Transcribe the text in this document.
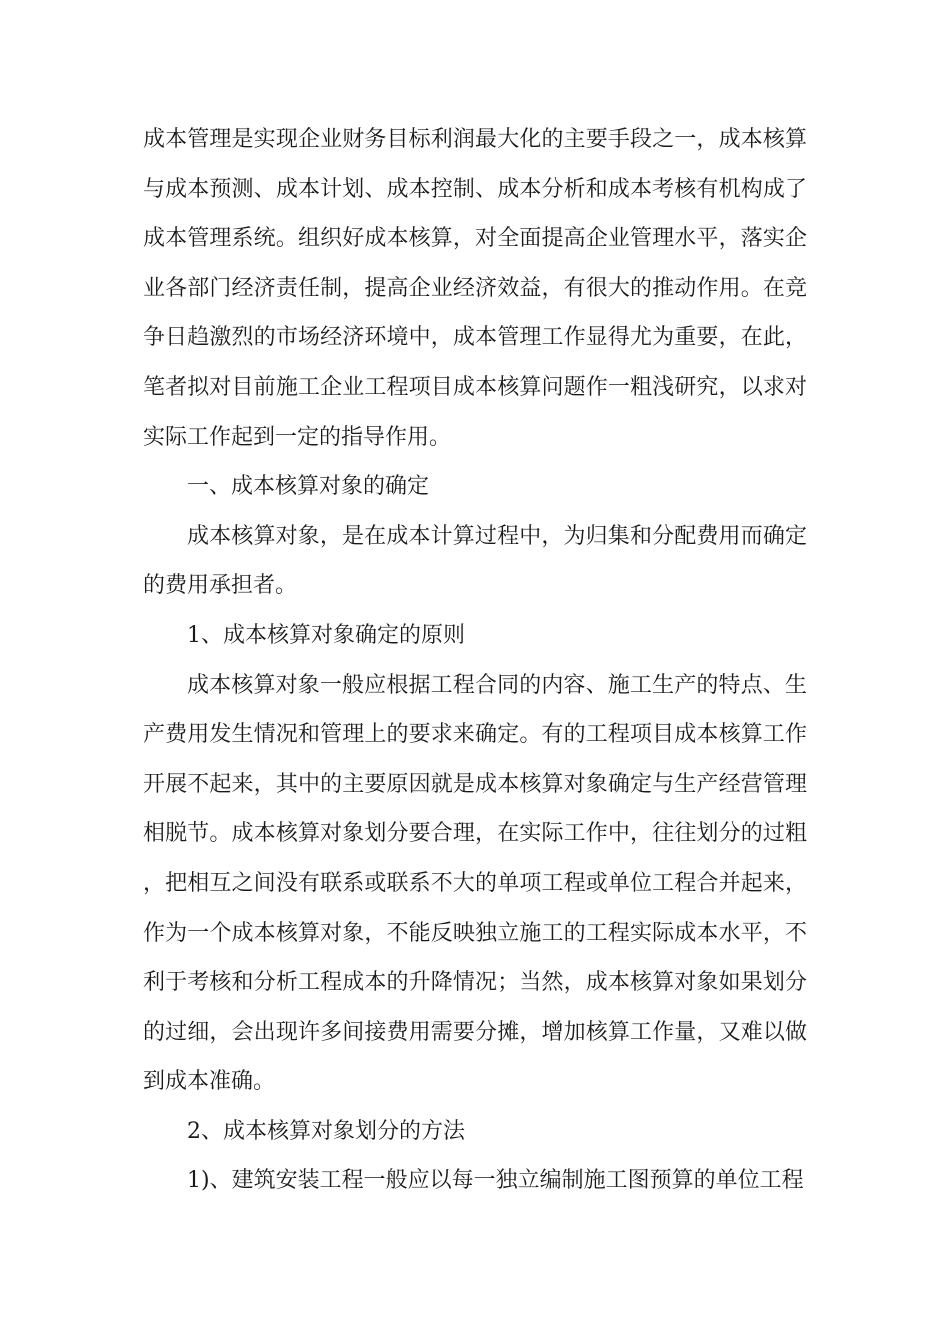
成本管理是实现企业财务目标利润最大化的主要手段之一，成本核算与成本预测、成本计划、成本控制、成本分析和成本考核有机构成了成本管理系统。组织好成本核算，对全面提高企业管理水平，落实企业各部门经济责任制，提高企业经济效益，有很大的推动作用。在竞争日趋激烈的市场经济环境中，成本管理工作显得尤为重要，在此，笔者拟对目前施工企业工程项目成本核算问题作一粗浅研究，以求对实际工作起到一定的指导作用。

一、成本核算对象的确定

成本核算对象，是在成本计算过程中，为归集和分配费用而确定的费用承担者。

1、成本核算对象确定的原则

成本核算对象一般应根据工程合同的内容、施工生产的特点、生产费用发生情况和管理上的要求来确定。有的工程项目成本核算工作开展不起来，其中的主要原因就是成本核算对象确定与生产经营管理相脱节。成本核算对象划分要合理，在实际工作中，往往划分的过粗，把相互之间没有联系或联系不大的单项工程或单位工程合并起来，作为一个成本核算对象，不能反映独立施工的工程实际成本水平，不利于考核和分析工程成本的升降情况；当然，成本核算对象如果划分的过细，会出现许多间接费用需要分摊，增加核算工作量，又难以做到成本准确。

2、成本核算对象划分的方法

1)、建筑安装工程一般应以每一独立编制施工图预算的单位工程
